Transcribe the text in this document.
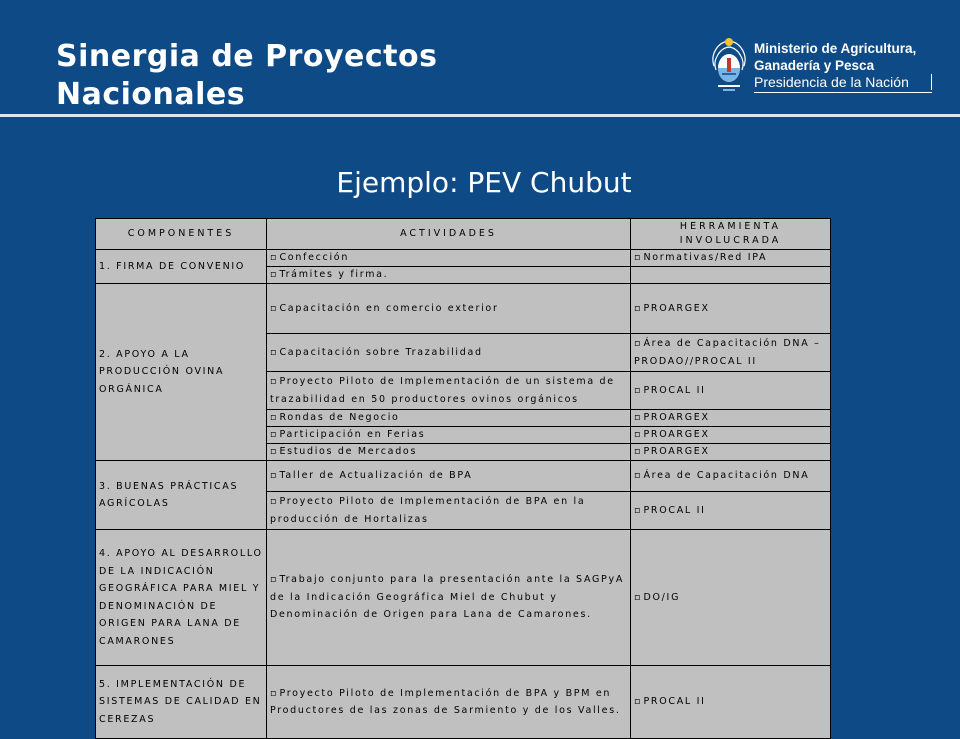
Sinergia de Proyectos
Nacionales
Ministerio de Agricultura,
Ganadería y Pesca
Presidencia de la Nación
Ejemplo: PEV Chubut
COMPONENTES	ACTIVIDADES	HERRAMIENTA INVOLUCRADA
1. FIRMA DE CONVENIO	▫ Confección	▫ Normativas/Red IPA
	▫ Trámites y firma.	
2. APOYO A LA PRODUCCIÓN OVINA ORGÁNICA	▫ Capacitación en comercio exterior	▫ PROARGEX
	▫ Capacitación sobre Trazabilidad	▫ Área de Capacitación DNA – PRODAO//PROCAL II
	▫ Proyecto Piloto de Implementación de un sistema de trazabilidad en 50 productores ovinos orgánicos	▫ PROCAL II
	▫ Rondas de Negocio	▫ PROARGEX
	▫ Participación en Ferias	▫ PROARGEX
	▫ Estudios de Mercados	▫ PROARGEX
3. BUENAS PRÁCTICAS AGRÍCOLAS	▫ Taller de Actualización de BPA	▫ Área de Capacitación DNA
	▫ Proyecto Piloto de Implementación de BPA en la producción de Hortalizas	▫ PROCAL II
4. APOYO AL DESARROLLO DE LA INDICACIÓN GEOGRÁFICA PARA MIEL Y DENOMINACIÓN DE ORIGEN PARA LANA DE CAMARONES	▫ Trabajo conjunto para la presentación ante la SAGPyA de la Indicación Geográfica Miel de Chubut y Denominación de Origen para Lana de Camarones.	▫ DO/IG
5. IMPLEMENTACIÓN DE SISTEMAS DE CALIDAD EN CEREZAS	▫ Proyecto Piloto de Implementación de BPA y BPM en Productores de las zonas de Sarmiento y de los Valles.	▫ PROCAL II
